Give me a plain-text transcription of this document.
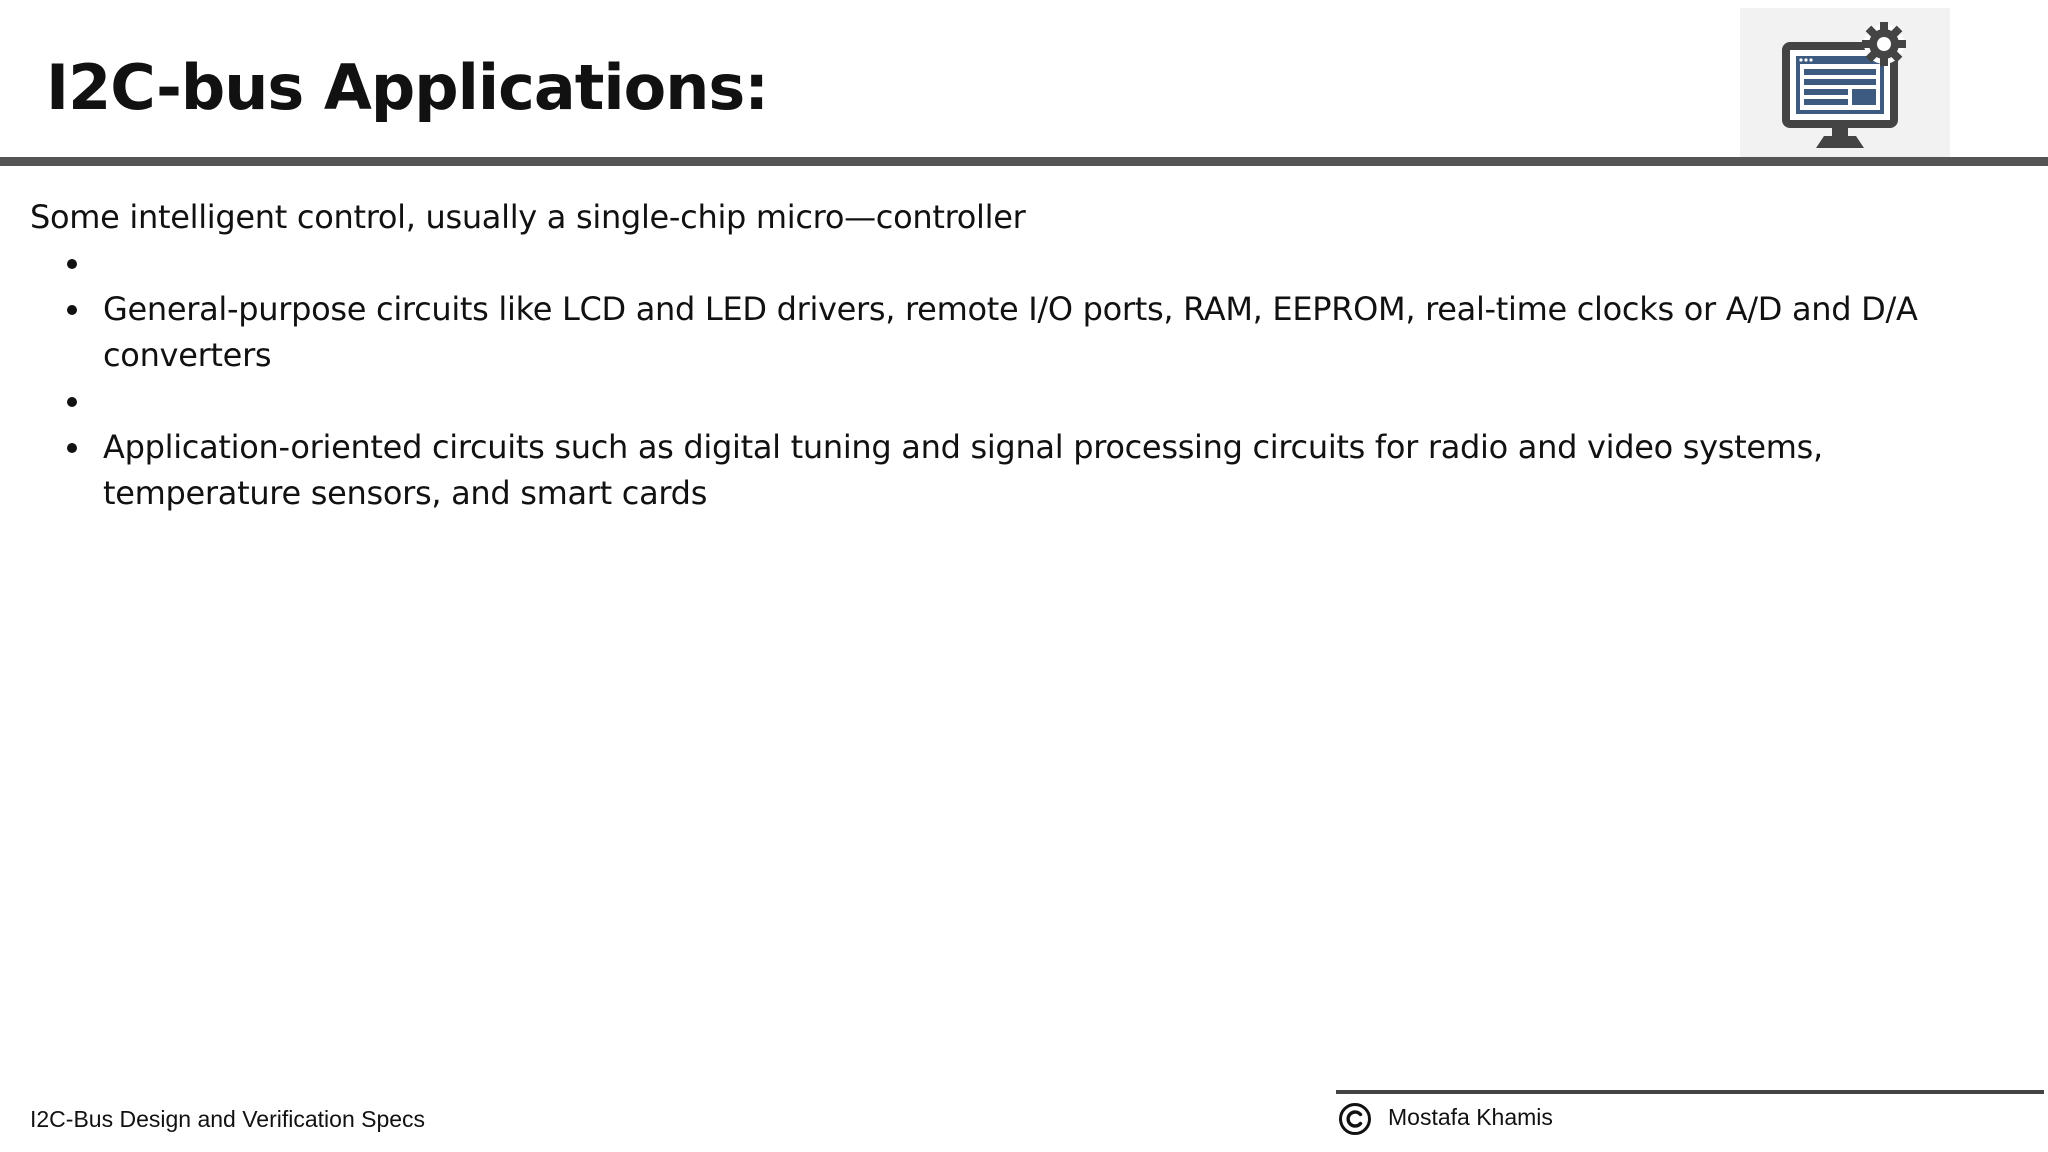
I2C-bus Applications:

Some intelligent control, usually a single-chip micro—controller

General-purpose circuits like LCD and LED drivers, remote I/O ports, RAM, EEPROM, real-time clocks or A/D and D/A converters
Application-oriented circuits such as digital tuning and signal processing circuits for radio and video systems, temperature sensors, and smart cards
I2C-Bus Design and Verification Specs	Mostafa Khamis
